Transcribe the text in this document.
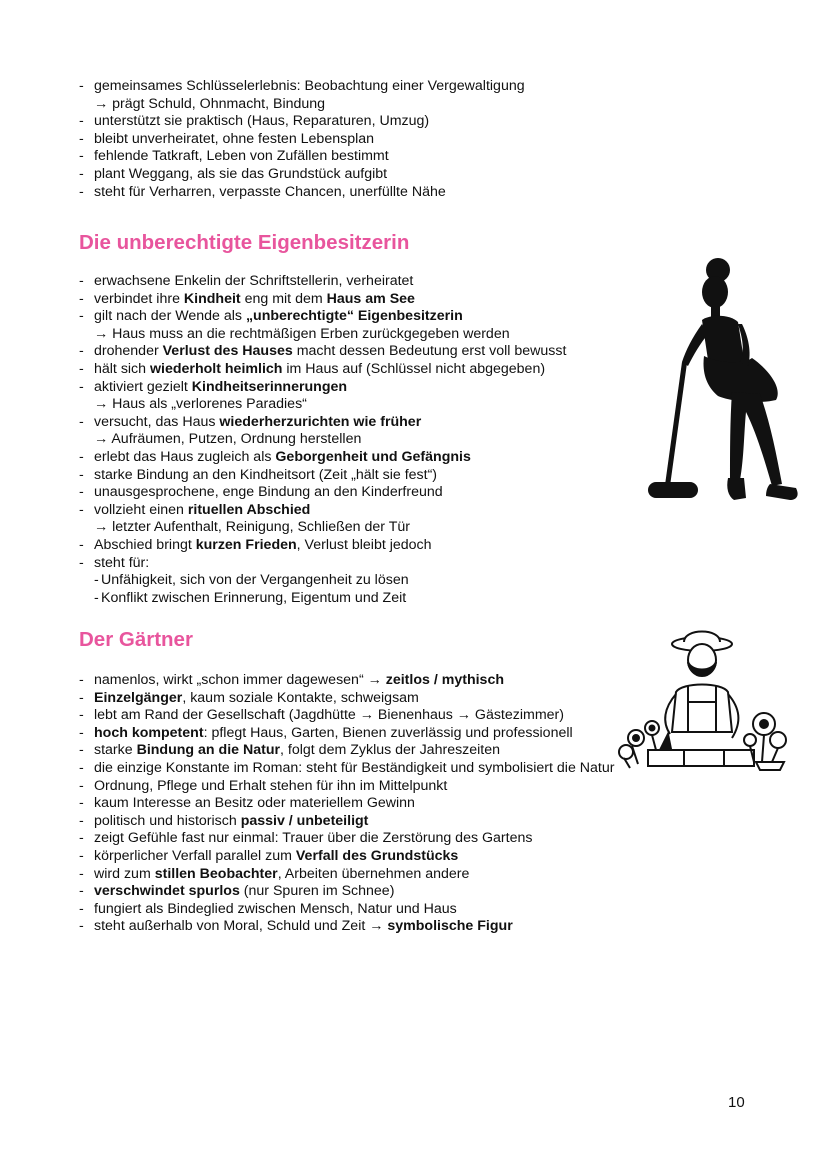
- gemeinsames Schlüsselerlebnis: Beobachtung einer Vergewaltigung
→ prägt Schuld, Ohnmacht, Bindung
- unterstützt sie praktisch (Haus, Reparaturen, Umzug)
- bleibt unverheiratet, ohne festen Lebensplan
- fehlende Tatkraft, Leben von Zufällen bestimmt
- plant Weggang, als sie das Grundstück aufgibt
- steht für Verharren, verpasste Chancen, unerfüllte Nähe
Die unberechtigte Eigenbesitzerin
- erwachsene Enkelin der Schriftstellerin, verheiratet
- verbindet ihre Kindheit eng mit dem Haus am See
- gilt nach der Wende als „unberechtigte“ Eigenbesitzerin
→ Haus muss an die rechtmäßigen Erben zurückgegeben werden
- drohender Verlust des Hauses macht dessen Bedeutung erst voll bewusst
- hält sich wiederholt heimlich im Haus auf (Schlüssel nicht abgegeben)
- aktiviert gezielt Kindheitserinnerungen
→ Haus als „verlorenes Paradies“
- versucht, das Haus wiederherzurichten wie früher
→ Aufräumen, Putzen, Ordnung herstellen
- erlebt das Haus zugleich als Geborgenheit und Gefängnis
- starke Bindung an den Kindheitsort (Zeit „hält sie fest“)
- unausgesprochene, enge Bindung an den Kinderfreund
- vollzieht einen rituellen Abschied
→ letzter Aufenthalt, Reinigung, Schließen der Tür
- Abschied bringt kurzen Frieden, Verlust bleibt jedoch
- steht für:
- Unfähigkeit, sich von der Vergangenheit zu lösen
- Konflikt zwischen Erinnerung, Eigentum und Zeit
Der Gärtner
- namenlos, wirkt „schon immer dagewesen“ → zeitlos / mythisch
- Einzelgänger, kaum soziale Kontakte, schweigsam
- lebt am Rand der Gesellschaft (Jagdhütte → Bienenhaus → Gästezimmer)
- hoch kompetent: pflegt Haus, Garten, Bienen zuverlässig und professionell
- starke Bindung an die Natur, folgt dem Zyklus der Jahreszeiten
- die einzige Konstante im Roman: steht für Beständigkeit und symbolisiert die Natur
- Ordnung, Pflege und Erhalt stehen für ihn im Mittelpunkt
- kaum Interesse an Besitz oder materiellem Gewinn
- politisch und historisch passiv / unbeteiligt
- zeigt Gefühle fast nur einmal: Trauer über die Zerstörung des Gartens
- körperlicher Verfall parallel zum Verfall des Grundstücks
- wird zum stillen Beobachter, Arbeiten übernehmen andere
- verschwindet spurlos (nur Spuren im Schnee)
- fungiert als Bindeglied zwischen Mensch, Natur und Haus
- steht außerhalb von Moral, Schuld und Zeit → symbolische Figur
10
